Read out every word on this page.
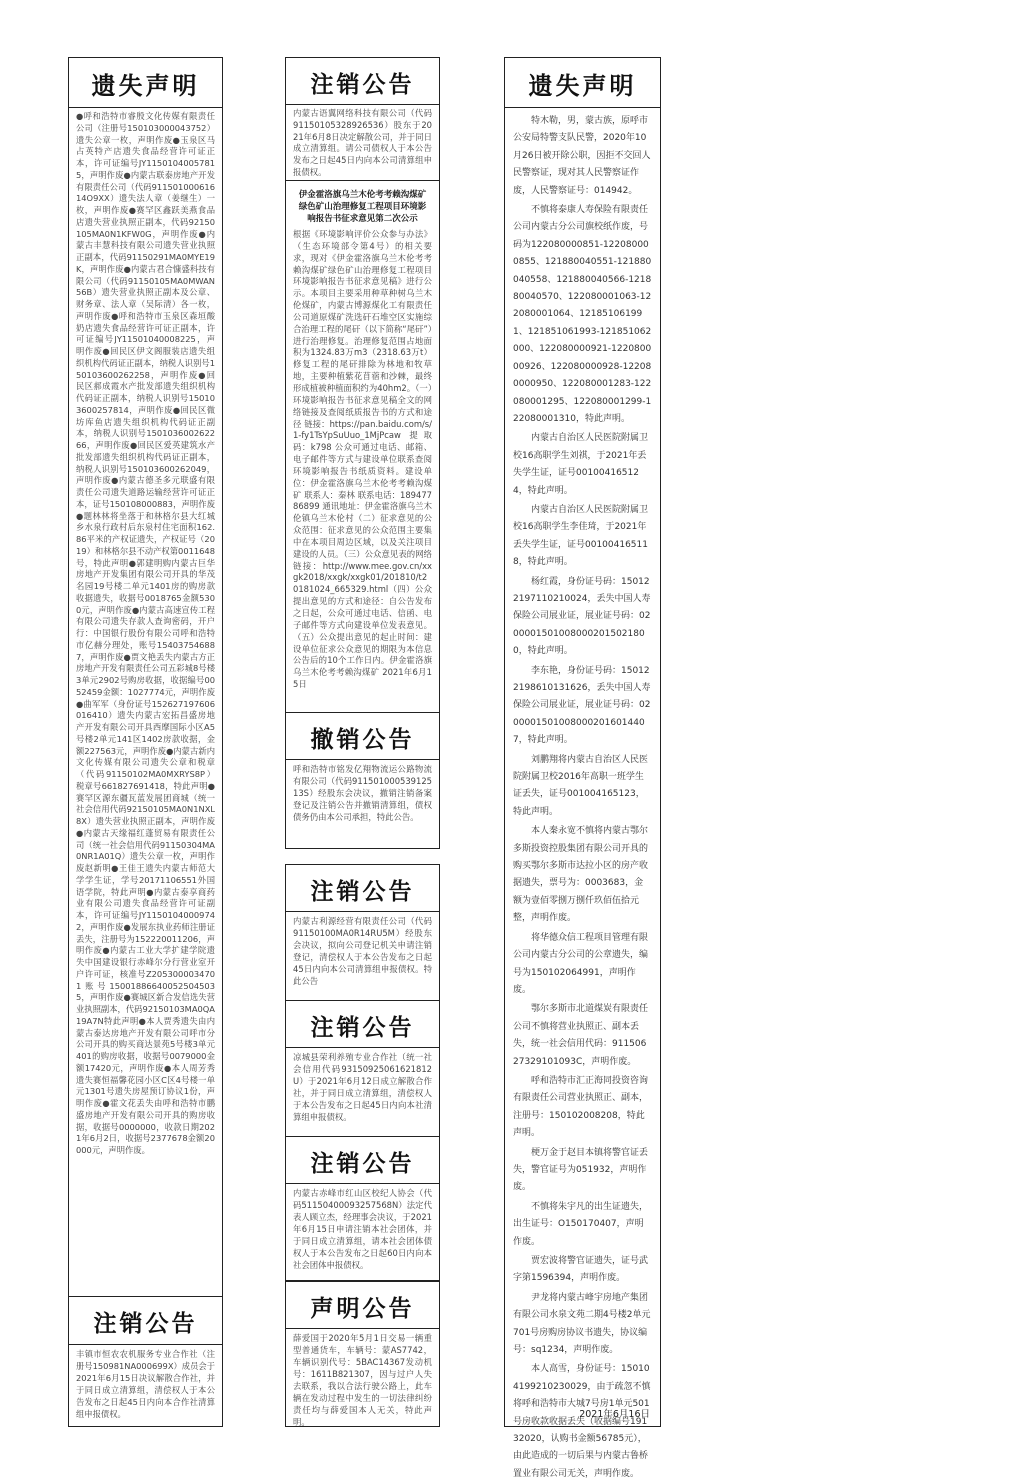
遗失声明
●呼和浩特市睿殷文化传媒有限责任公司（注册号150103000043752）遗失公章一枚，声明作废●玉泉区马占英特产店遗失食品经营许可证正本，许可证编号JY11501040057815，声明作废●内蒙古联泰房地产开发有限责任公司（代码91150100061614O9XX）遗失法人章（姜继生）一枚，声明作废●赛罕区鑫跃美燕食品店遗失营业执照正副本，代码92150105MA0N1KFW0G，声明作废●内蒙古丰慧科技有限公司遗失营业执照正副本，代码91150291MA0MYE19K，声明作废●内蒙古君合慷盛科技有限公司（代码91150105MA0MWAN56B）遗失营业执照正副本及公章、财务章、法人章（吴际清）各一枚，声明作废●呼和浩特市玉泉区森垣酸奶店遗失食品经营许可证正副本，许可证编号JY11501040008225，声明作废●回民区伊文阁服装店遗失组织机构代码证正副本，纳税人识别号150103600262258，声明作废●回民区郝成霞水产批发部遗失组织机构代码证正副本，纳税人识别号150103600257814，声明作废●回民区微坊库鱼店遗失组织机构代码证正副本，纳税人识别号150103600262266，声明作废●回民区爱英建筑水产批发部遗失组织机构代码证正副本，纳税人识别号150103600262049，声明作废●内蒙古德圣多元联盛有限责任公司遗失道路运输经营许可证正本，证号150108000883，声明作废●题林林将坐落于和林格尔县大红城乡水泉行政村后东泉村住宅面积162.86平米的产权证遗失，产权证号（2019）和林格尔县不动产权第0011648号，特此声明●郭建明购内蒙古巨华房地产开发集团有限公司开具的华茂名园19号楼二单元1401房的购房款收据遗失，收据号0018765金额5300元，声明作废●内蒙古高速宣传工程有限公司遗失存款人查询密码，开户行：中国银行股份有限公司呼和浩特市亿赫分理处，账号154037546887，声明作废●贾文艳丢失内蒙古方正房地产开发有限责任公司五彩城8号楼3单元2902号购房收据，收据编号0052459金额：1027774元，声明作废●曲军军（身份证号152627197606016410）遗失内蒙古宏拓昌盛房地产开发有限公司开具西摩国际小区A5号楼2单元141区1402房款收据，金额227563元，声明作废●内蒙古新内文化传媒有限公司遗失公章和税章（代码91150102MA0MXRYS8P）税章号661827691418，特此声明●赛罕区源东疆瓦蓝发展团商城（统一社会信用代码92150105MA0N1NXL8X）遗失营业执照正副本，声明作废●内蒙古天缘福红蓬贸易有限责任公司（统一社会信用代码91150304MA0NR1A01Q）遗失公章一枚，声明作废赵新明●王佳王遗失内蒙古师范大学学生证，学号20171106551外国语学院，特此声明●内蒙古泰享商药业有限公司遗失食品经营许可证副本，许可证编号JY11501040009742，声明作废●发展东执业药师注册证丢失，注册号为152220011206，声明作废●内蒙古工业大学扩建学院遗失中国建设银行赤峰尔分行营业室开户许可证，核准号Z2053000034701账号150018866400525045035，声明作废●赛城区新合发信选失营业执照副本，代码92150103MA0QA19A7N特此声明●本人贾秀遗失由内蒙古泰达房地产开发有限公司呼市分公司开具的购买商达景苑5号楼3单元401的购房收据，收据号0079000金额17420元，声明作废●本人周芳秀遗失赛恒福馨花园小区C区4号楼一单元1301号遗失房屋预订协议1份，声明作废●霍文花丢失由呼和浩特市鹏盛房地产开发有限公司开具的购房收据，收据号0000000，收款日期2021年6月2日，收据号2377678金额20000元，声明作废。
注销公告
丰镇市恒农农机服务专业合作社（注册号150981NA000699X）成员会于2021年6月15日决议解散合作社，并于同日成立清算组，清偿权人于本公告发布之日起45日内向本合作社清算组申报债权。
注销公告
内蒙古语翼网络科技有限公司（代码91150105328926536）股东于2021年6月8日决定解散公司，并于同日成立清算组。请公司债权人于本公告发布之日起45日内向本公司清算组申报债权。
伊金霍洛旗乌兰木伦考考赖沟煤矿绿色矿山治理修复工程项目环境影响报告书征求意见第二次公示
根据《环境影响评价公众参与办法》（生态环境部令第4号）的相关要求，现对《伊金霍洛旗乌兰木伦考考赖沟煤矿绿色矿山治理修复工程项目环境影响报告书征求意见稿》进行公示。本项目主要采用种草种树乌兰木伦煤矿，内蒙古博源煤化工有限责任公司道原煤矿洗选矸石堆空区实施综合治理工程的尾矸（以下简称“尾矸”）进行治理修复。治理修复范围占地面积为1324.83万m3（2318.63万t）修复工程的尾矸排除为林地和牧草地，主要种植紫花苜蓿和沙棘，最终形成植被种植面积约为40hm2。（一）环境影响报告书征求意见稿全文的网络链接及查阅纸质报告书的方式和途径 链接：https://pan.baidu.com/s/1-fy1TsYpSuUuo_1MjPcaw 提取码：k798 公众可通过电话、邮箱、电子邮件等方式与建设单位联系查阅环境影响报告书纸质资料。建设单位：伊金霍洛旗乌兰木伦考考赖沟煤矿 联系人：秦林 联系电话：18947786899 通讯地址：伊金霍洛旗乌兰木伦镇乌兰木伦村（二）征求意见的公众范围：征求意见的公众范围主要集中在本项目周边区域，以及关注项目建设的人员。（三）公众意见表的网络链接：http://www.mee.gov.cn/xxgk2018/xxgk/xxgk01/201810/t20181024_665329.html（四）公众提出意见的方式和途径：自公告发布之日起，公众可通过电话、信函、电子邮件等方式向建设单位发表意见。（五）公众提出意见的起止时间：建设单位征求公众意见的期限为本信息公告后的10个工作日内。伊金霍洛旗乌兰木伦考考赖沟煤矿 2021年6月15日
撤销公告
呼和浩特市铭发亿翔物流运公路物流有限公司（代码91150100053912513S）经股东会决议，撤销注销备案登记及注销公告并撤销清算组，债权债务仍由本公司承担，特此公告。
注销公告
内蒙古利源经营有限责任公司（代码91150100MA0R14RU5M）经股东会决议，拟向公司登记机关申请注销登记，清偿权人于本公告发布之日起45日内向本公司清算组申报债权。特此公告
注销公告
凉城县荣利养殖专业合作社（统一社会信用代码93150925061621812U）于2021年6月12日成立解散合作社，并于同日成立清算组，清偿权人于本公告发布之日起45日内向本社清算组申报债权。
注销公告
内蒙古赤峰市红山区校纪人协会（代码51150400093257568N）法定代表人顾立杰，经理事会决议，于2021年6月15日申请注销本社会团体，并于同日成立清算组，请本社会团体债权人于本公告发布之日起60日内向本社会团体申报债权。
声明公告
薛爱国于2020年5月1日交易一辆重型普通货车，车辆号：蒙AS7742，车辆识别代号：5BAC14367发动机号：1611B821307，因与过户人失去联系，我以合法行驶公路上，此车辆在发动过程中发生的一切法律纠纷责任均与薛爱国本人无关，特此声明。
遗失声明
特木勒，男，蒙古族，原呼市公安局特警支队民警，2020年10月26日被开除公职，因拒不交回人民警察证，现对其人民警察证作废，人民警察证号：014942。
不慎将泰康人寿保险有限责任公司内蒙古分公司旗校纸作废，号码为122080000851-122080000855、121880040551-121880040558、121880040566-121880040570、122080001063-122080001064、121851061991、121851061993-121851062000、122080000921-122080000926、122080000928-122080000950、122080001283-122080001295、122080001299-122080001310，特此声明。
内蒙古自治区人民医院附属卫校16高职学生刘祺，于2021年丢失学生证，证号001004165124，特此声明。
内蒙古自治区人民医院附属卫校16高职学生李佳琦，于2021年丢失学生证，证号001004165118，特此声明。
杨红霞，身份证号码：150122197110210024，丢失中国人寿保险公司展业证，展业证号码：02000015010080002015021800，特此声明。
李东艳，身份证号码：150122198610131626，丢失中国人寿保险公司展业证，展业证号码：02000015010080002016014407，特此声明。
刘鹏翔将内蒙古自治区人民医院附属卫校2016年高职一班学生证丢失，证号001004165123，特此声明。
本人秦永宽不慎将内蒙古鄂尔多斯投资控股集团有限公司开具的购买鄂尔多斯市达拉小区的房产收据遗失，票号为：0003683，金额为壹佰零捌万捌仟玖佰伍拾元整，声明作废。
将华德众信工程项目管理有限公司内蒙古分公司的公章遗失，编号为150102064991，声明作废。
鄂尔多斯市北道煤炭有限责任公司不慎将营业执照正、副本丢失，统一社会信用代码：91150627329101093C，声明作废。
呼和浩特市汇正海同投资咨询有限责任公司营业执照正、副本，注册号：150102008208，特此声明。
梗万金于赵目本镇将警官证丢失，警官证号为051932，声明作废。
不慎将朱宇凡的出生证遗失，出生证号：O150170407，声明作废。
贾宏波将警官证遗失，证号武字第1596394，声明作废。
尹龙将内蒙古峰宇房地产集团有限公司水泉文苑二期4号楼2单元701号房购房协议书遗失，协议编号：sq1234，声明作废。
本人高雪，身份证号：150104199210230029，由于疏忽不慎将呼和浩特市大城7号房1单元501号房收款收据丢失（收据编号19132020，认购书金额56785元），由此造成的一切后果与内蒙古鲁桥置业有限公司无关，声明作废。
2021年6月16日
